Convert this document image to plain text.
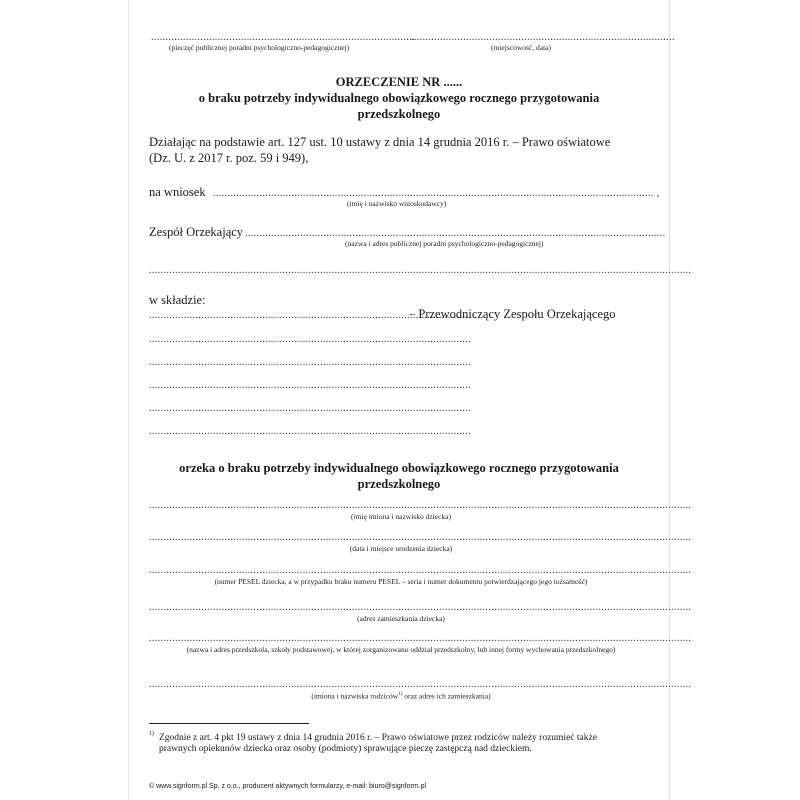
...........................................................................................
(pieczęć publicznej poradni psychologiczno-pedagogicznej)
...........................................................................................
(miejscowość, data)
ORZECZENIE NR ......
o braku potrzeby indywidualnego obowiązkowego rocznego przygotowania
przedszkolnego
Działając na podstawie art. 127 ust. 10 ustawy z dnia 14 grudnia 2016 r. – Prawo oświatowe
(Dz. U. z 2017 r. poz. 59 i 949),
na wniosek ........................................................................................................................................................ ,
(imię i nazwisko wnioskodawcy)
Zespół Orzekający .................................................................................................................................................
(nazwa i adres publicznej poradni psychologiczno-pedagogicznej)
...........................................................................................................................................................................................
w składzie:
...............................................................................................................
– Przewodniczący Zespołu Orzekającego
...............................................................................................................
...............................................................................................................
...............................................................................................................
...............................................................................................................
...............................................................................................................
orzeka o braku potrzeby indywidualnego obowiązkowego rocznego przygotowania
przedszkolnego
...........................................................................................................................................................................................
(imię imiona i nazwisko dziecka)
...........................................................................................................................................................................................
(data i miejsce urodzenia dziecka)
...........................................................................................................................................................................................
(numer PESEL dziecka, a w przypadku braku numeru PESEL – seria i numer dokumentu potwierdzającego jego tożsamość)
...........................................................................................................................................................................................
(adres zamieszkania dziecka)
...........................................................................................................................................................................................
(nazwa i adres przedszkola, szkoły podstawowej, w której zorganizowano oddział przedszkolny, lub innej formy wychowania przedszkolnego)
...........................................................................................................................................................................................
(imiona i nazwiska rodziców$^{1)}$ oraz adres ich zamieszkania)
1) Zgodnie z art. 4 pkt 19 ustawy z dnia 14 grudnia 2016 r. – Prawo oświatowe przez rodziców należy rozumieć także
prawnych opiekunów dziecka oraz osoby (podmioty) sprawujące pieczę zastępczą nad dzieckiem.
© www.signform.pl Sp. z o.o., producent aktywnych formularzy, e-mail: biuro@signform.pl
